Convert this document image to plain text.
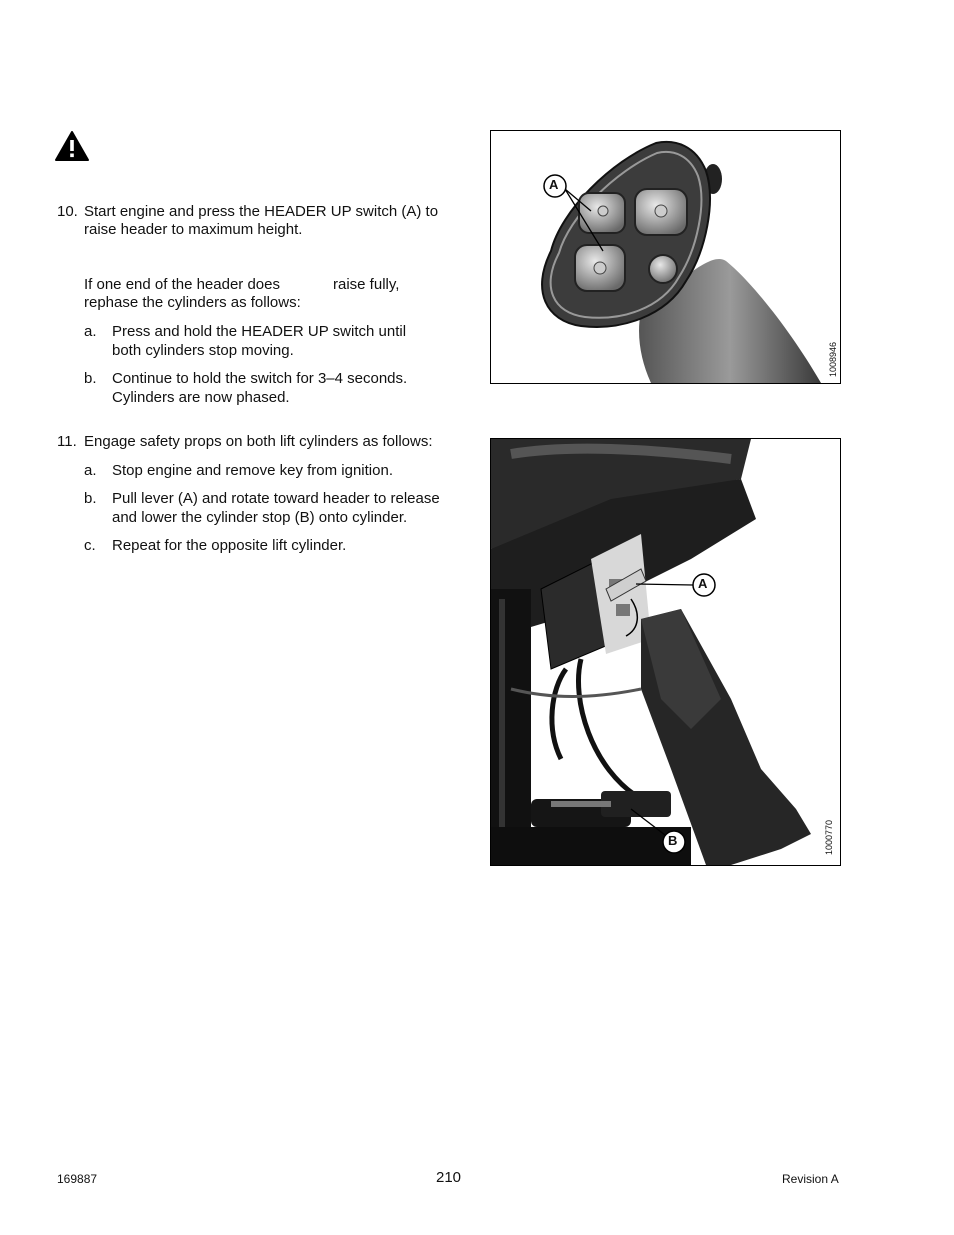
10. Start engine and press the HEADER UP switch (A) to
raise header to maximum height.
If one end of the header does	raise fully,
rephase the cylinders as follows:
a. Press and hold the HEADER UP switch until
both cylinders stop moving.
b. Continue to hold the switch for 3–4 seconds.
Cylinders are now phased.
11. Engage safety props on both lift cylinders as follows:
a. Stop engine and remove key from ignition.
b. Pull lever (A) and rotate toward header to release
and lower the cylinder stop (B) onto cylinder.
c. Repeat for the opposite lift cylinder.
A
1008946
A
B	1000770
169887	210	Revision A
